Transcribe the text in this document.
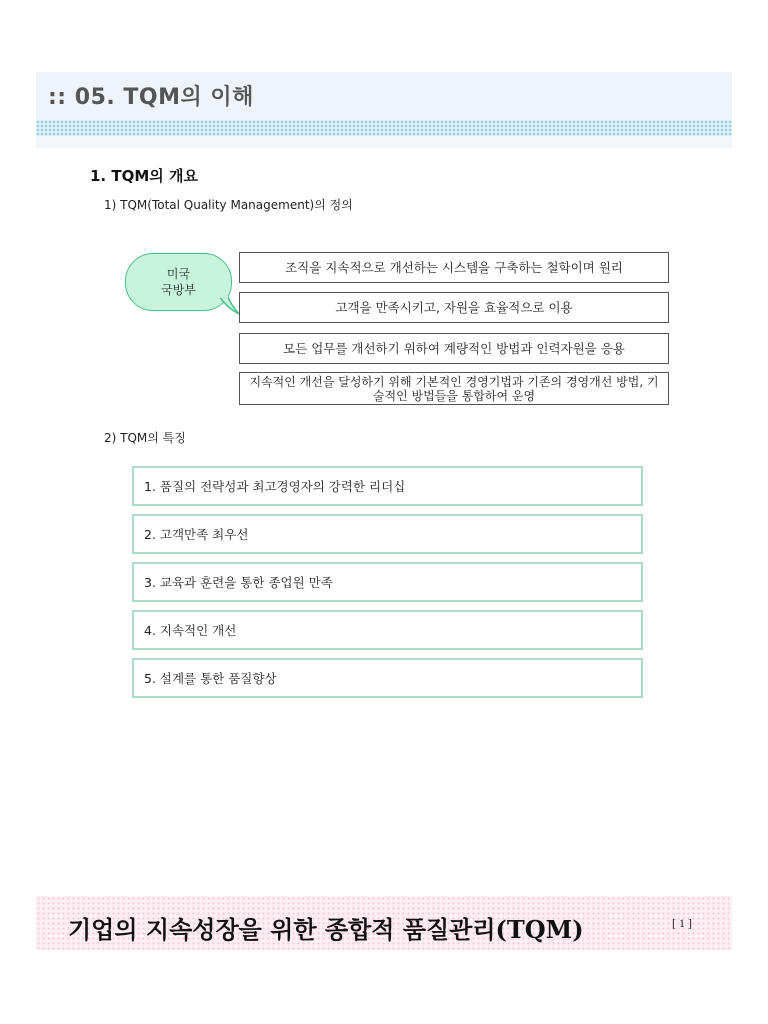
:: 05. TQM의 이해
1. TQM의 개요
1) TQM(Total Quality Management)의 정의
미국
국방부
조직을 지속적으로 개선하는 시스템을 구축하는 철학이며 원리
고객을 만족시키고, 자원을 효율적으로 이용
모든 업무를 개선하기 위하여 계량적인 방법과 인력자원을 응용
지속적인 개선을 달성하기 위해 기본적인 경영기법과 기존의 경영개선 방법, 기술적인 방법들을 통합하여 운영
2) TQM의 특징
1. 품질의 전략성과 최고경영자의 강력한 리더십
2. 고객만족 최우선
3. 교육과 훈련을 통한 종업원 만족
4. 지속적인 개선
5. 설계를 통한 품질향상
기업의 지속성장을 위한 종합적 품질관리(TQM)	[ 1 ]
